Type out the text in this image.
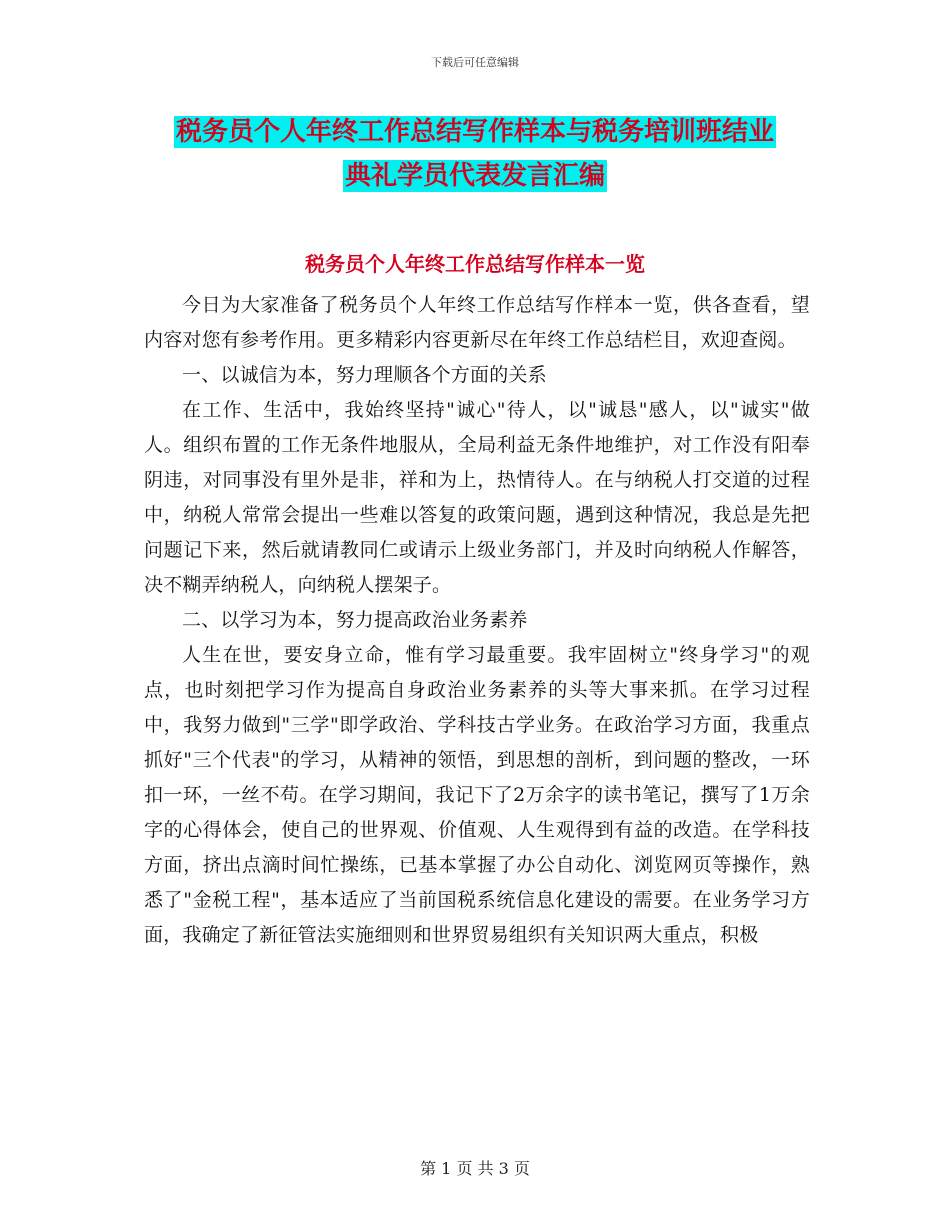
下载后可任意编辑
税务员个人年终工作总结写作样本与税务培训班结业
典礼学员代表发言汇编
税务员个人年终工作总结写作样本一览

今日为大家准备了税务员个人年终工作总结写作样本一览，供各查看，望内容对您有参考作用。更多精彩内容更新尽在年终工作总结栏目，欢迎查阅。

一、以诚信为本，努力理顺各个方面的关系

在工作、生活中，我始终坚持"诚心"待人，以"诚恳"感人，以"诚实"做人。组织布置的工作无条件地服从，全局利益无条件地维护，对工作没有阳奉阴违，对同事没有里外是非，祥和为上，热情待人。在与纳税人打交道的过程中，纳税人常常会提出一些难以答复的政策问题，遇到这种情况，我总是先把问题记下来，然后就请教同仁或请示上级业务部门，并及时向纳税人作解答，决不糊弄纳税人，向纳税人摆架子。

二、以学习为本，努力提高政治业务素养

人生在世，要安身立命，惟有学习最重要。我牢固树立"终身学习"的观点，也时刻把学习作为提高自身政治业务素养的头等大事来抓。在学习过程中，我努力做到"三学"即学政治、学科技古学业务。在政治学习方面，我重点抓好"三个代表"的学习，从精神的领悟，到思想的剖析，到问题的整改，一环扣一环，一丝不苟。在学习期间，我记下了2万余字的读书笔记，撰写了1万余字的心得体会，使自己的世界观、价值观、人生观得到有益的改造。在学科技方面，挤出点滴时间忙操练，已基本掌握了办公自动化、浏览网页等操作，熟悉了"金税工程"，基本适应了当前国税系统信息化建设的需要。在业务学习方面，我确定了新征管法实施细则和世界贸易组织有关知识两大重点，积极

第 1 页 共 3 页
